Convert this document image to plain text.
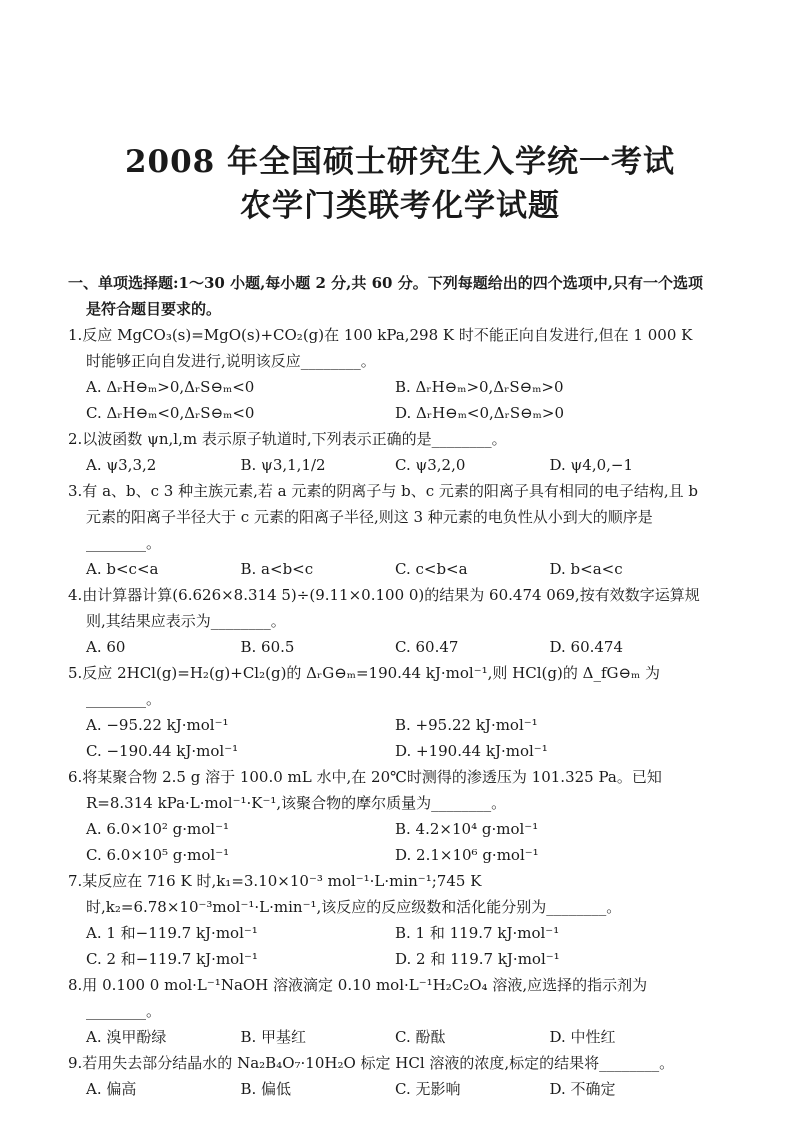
2008 年全国硕士研究生入学统一考试
农学门类联考化学试题
一、单项选择题:1～30 小题,每小题 2 分,共 60 分。下列每题给出的四个选项中,只有一个选项是符合题目要求的。
1.反应 MgCO₃(s)=MgO(s)+CO₂(g)在 100 kPa,298 K 时不能正向自发进行,但在 1 000 K 时能够正向自发进行,说明该反应________。
A. ΔᵣH⊖ₘ>0,ΔᵣS⊖ₘ<0	B. ΔᵣH⊖ₘ>0,ΔᵣS⊖ₘ>0
C. ΔᵣH⊖ₘ<0,ΔᵣS⊖ₘ<0	D. ΔᵣH⊖ₘ<0,ΔᵣS⊖ₘ>0
2.以波函数 ψn,l,m 表示原子轨道时,下列表示正确的是________。
A. ψ3,3,2	B. ψ3,1,1/2	C. ψ3,2,0	D. ψ4,0,−1
3.有 a、b、c 3 种主族元素,若 a 元素的阴离子与 b、c 元素的阳离子具有相同的电子结构,且 b 元素的阳离子半径大于 c 元素的阳离子半径,则这 3 种元素的电负性从小到大的顺序是________。
A. b<c<a	B. a<b<c	C. c<b<a	D. b<a<c
4.由计算器计算(6.626×8.314 5)÷(9.11×0.100 0)的结果为 60.474 069,按有效数字运算规则,其结果应表示为________。
A. 60	B. 60.5	C. 60.47	D. 60.474
5.反应 2HCl(g)=H₂(g)+Cl₂(g)的 ΔᵣG⊖ₘ=190.44 kJ·mol⁻¹,则 HCl(g)的 Δ_fG⊖ₘ 为________。
A. −95.22 kJ·mol⁻¹	B. +95.22 kJ·mol⁻¹
C. −190.44 kJ·mol⁻¹	D. +190.44 kJ·mol⁻¹
6.将某聚合物 2.5 g 溶于 100.0 mL 水中,在 20℃时测得的渗透压为 101.325 Pa。已知 R=8.314 kPa·L·mol⁻¹·K⁻¹,该聚合物的摩尔质量为________。
A. 6.0×10² g·mol⁻¹	B. 4.2×10⁴ g·mol⁻¹
C. 6.0×10⁵ g·mol⁻¹	D. 2.1×10⁶ g·mol⁻¹
7.某反应在 716 K 时,k₁=3.10×10⁻³ mol⁻¹·L·min⁻¹;745 K 时,k₂=6.78×10⁻³mol⁻¹·L·min⁻¹,该反应的反应级数和活化能分别为________。
A. 1 和−119.7 kJ·mol⁻¹	B. 1 和 119.7 kJ·mol⁻¹
C. 2 和−119.7 kJ·mol⁻¹	D. 2 和 119.7 kJ·mol⁻¹
8.用 0.100 0 mol·L⁻¹NaOH 溶液滴定 0.10 mol·L⁻¹H₂C₂O₄ 溶液,应选择的指示剂为________。
A. 溴甲酚绿	B. 甲基红	C. 酚酞	D. 中性红
9.若用失去部分结晶水的 Na₂B₄O₇·10H₂O 标定 HCl 溶液的浓度,标定的结果将________。
A. 偏高	B. 偏低	C. 无影响	D. 不确定
